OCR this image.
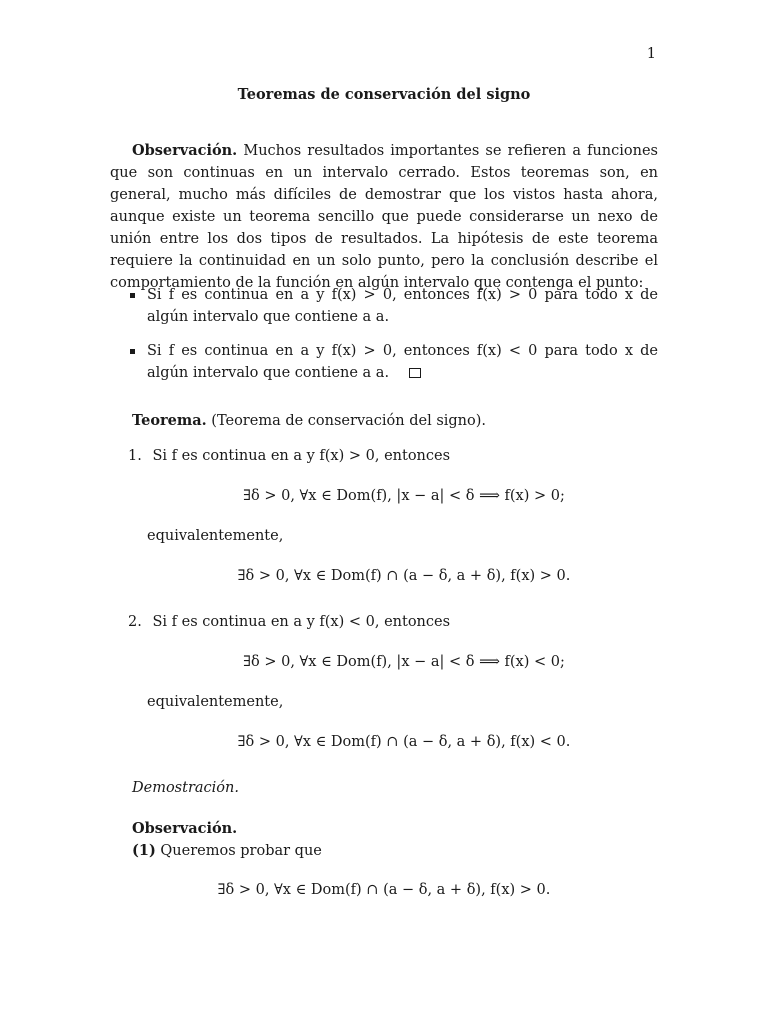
1
Teoremas de conservación del signo

Observación. Muchos resultados importantes se refieren a funciones que son continuas en un intervalo cerrado. Estos teoremas son, en general, mucho más difíciles de demostrar que los vistos hasta ahora, aunque existe un teorema sencillo que puede considerarse un nexo de unión entre los dos tipos de resultados. La hipótesis de este teorema requiere la continuidad en un solo punto, pero la conclusión describe el comportamiento de la función en algún intervalo que contenga el punto:

Si f es continua en a y f(x) > 0, entonces f(x) > 0 para todo x de algún intervalo que contiene a a.
Si f es continua en a y f(x) > 0, entonces f(x) < 0 para todo x de algún intervalo que contiene a a.
Teorema. (Teorema de conservación del signo).
1. Si f es continua en a y f(x) > 0, entonces
∃δ > 0, ∀x ∈ Dom(f), |x − a| < δ ⟹ f(x) > 0;
equivalentemente,
∃δ > 0, ∀x ∈ Dom(f) ∩ (a − δ, a + δ), f(x) > 0.
2. Si f es continua en a y f(x) < 0, entonces
∃δ > 0, ∀x ∈ Dom(f), |x − a| < δ ⟹ f(x) < 0;
equivalentemente,
∃δ > 0, ∀x ∈ Dom(f) ∩ (a − δ, a + δ), f(x) < 0.
Demostración.
Observación.
(1) Queremos probar que
∃δ > 0, ∀x ∈ Dom(f) ∩ (a − δ, a + δ), f(x) > 0.
